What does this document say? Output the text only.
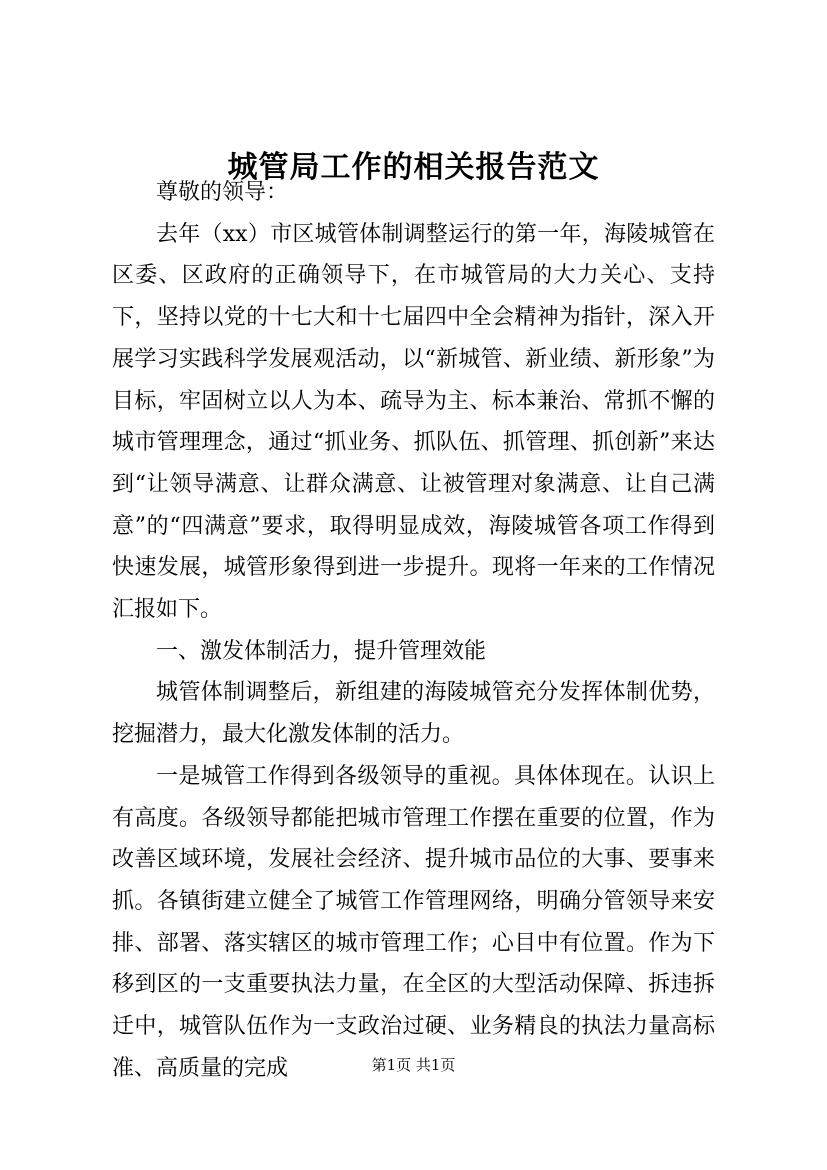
城管局工作的相关报告范文

尊敬的领导：

去年（xx）市区城管体制调整运行的第一年，海陵城管在区委、区政府的正确领导下，在市城管局的大力关心、支持下，坚持以党的十七大和十七届四中全会精神为指针，深入开展学习实践科学发展观活动，以“新城管、新业绩、新形象”为目标，牢固树立以人为本、疏导为主、标本兼治、常抓不懈的城市管理理念，通过“抓业务、抓队伍、抓管理、抓创新”来达到“让领导满意、让群众满意、让被管理对象满意、让自己满意”的“四满意”要求，取得明显成效，海陵城管各项工作得到快速发展，城管形象得到进一步提升。现将一年来的工作情况汇报如下。

一、激发体制活力，提升管理效能

城管体制调整后，新组建的海陵城管充分发挥体制优势，挖掘潜力，最大化激发体制的活力。

一是城管工作得到各级领导的重视。具体体现在。认识上有高度。各级领导都能把城市管理工作摆在重要的位置，作为改善区域环境，发展社会经济、提升城市品位的大事、要事来抓。各镇街建立健全了城管工作管理网络，明确分管领导来安排、部署、落实辖区的城市管理工作；心目中有位置。作为下移到区的一支重要执法力量，在全区的大型活动保障、拆违拆迁中，城管队伍作为一支政治过硬、业务精良的执法力量高标准、高质量的完成	第1页 共1页
